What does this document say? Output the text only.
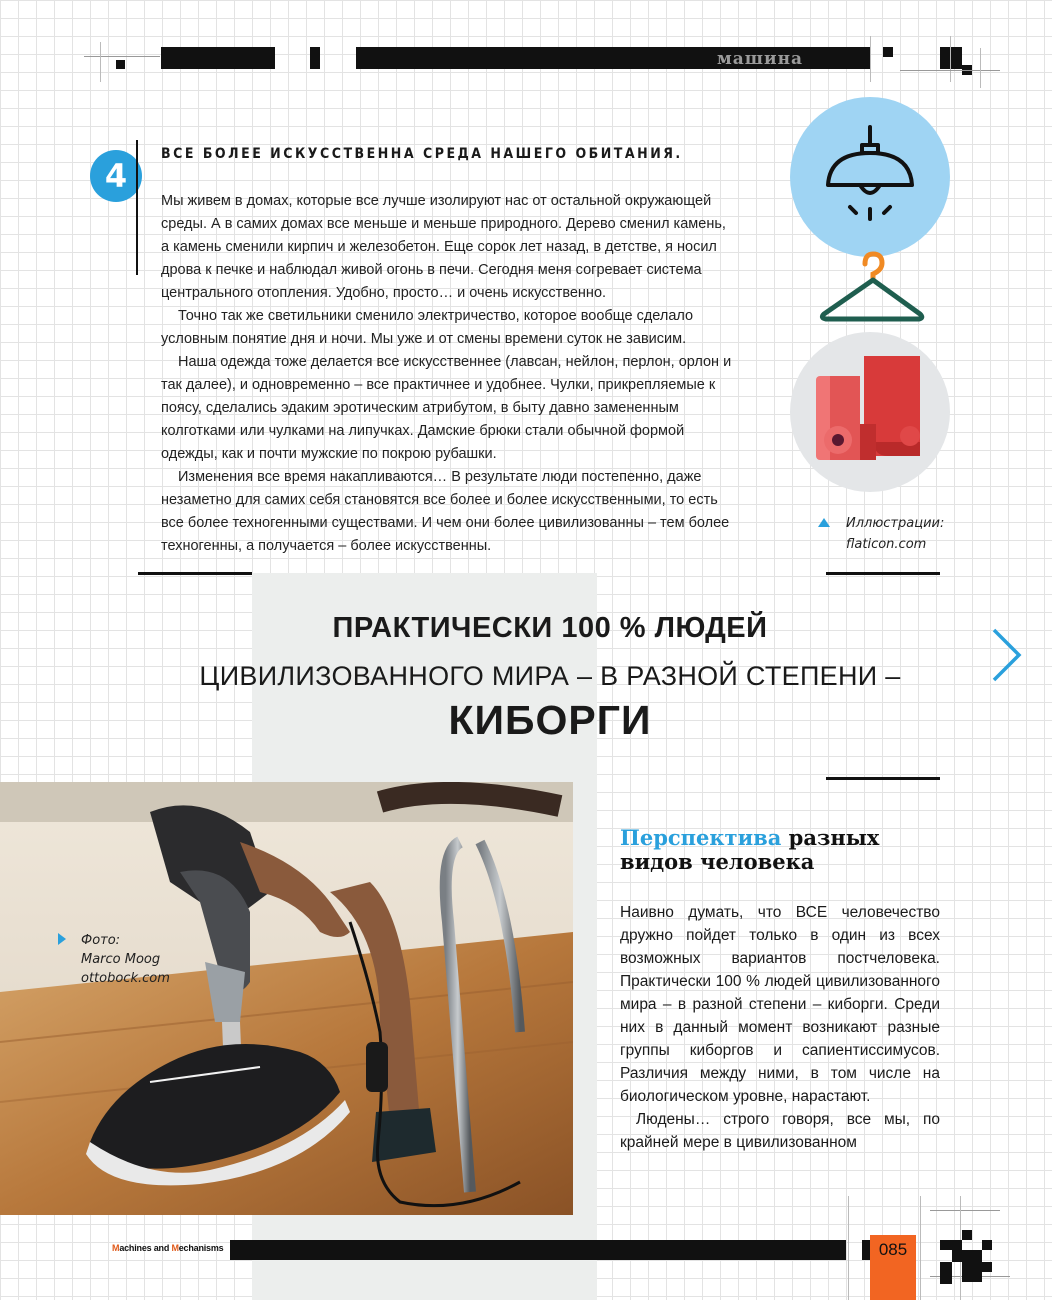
машина
4
ВСЕ БОЛЕЕ ИСКУССТВЕННА СРЕДА НАШЕГО ОБИТАНИЯ.

Мы живем в домах, которые все лучше изолируют нас от остальной окружающей среды. А в самих домах все меньше и меньше природного. Дерево сменил камень, а камень сменили кирпич и железобетон. Еще сорок лет назад, в детстве, я носил дрова к печке и наблюдал живой огонь в печи. Сегодня меня согревает система центрального отопления. Удобно, просто… и очень искусственно.

Точно так же светильники сменило электричество, которое вообще сделало условным понятие дня и ночи. Мы уже и от смены времени суток не зависим.

Наша одежда тоже делается все искусственнее (лавсан, нейлон, перлон, орлон и так далее), и одновременно – все практичнее и удобнее. Чулки, прикрепляемые к поясу, сделались эдаким эротическим атрибутом, в быту давно замененным колготками или чулками на липучках. Дамские брюки стали обычной формой одежды, как и почти мужские по покрою рубашки.

Изменения все время накапливаются… В результате люди постепенно, даже незаметно для самих себя становятся все более и более искусственными, то есть все более техногенными существами. И чем они более цивилизованны – тем более техногенны, а получается – более искусственны.

Иллюстрации:
flaticon.com
ПРАКТИЧЕСКИ 100 % ЛЮДЕЙ
ЦИВИЛИЗОВАННОГО МИРА – В РАЗНОЙ СТЕПЕНИ –
КИБОРГИ
Фото:
Marco Moog
ottobock.com
Перспектива разных видов человека

Наивно думать, что ВСЕ человечество дружно пойдет только в один из всех возможных вариантов постчеловека. Практически 100 % людей цивилизованного мира – в разной степени – киборги. Среди них в данный момент возникают разные группы киборгов и сапиентиссимусов. Различия между ними, в том числе на биологическом уровне, нарастают.

Людены… строго говоря, все мы, по крайней мере в цивилизованном

Machines and Mechanisms	085
